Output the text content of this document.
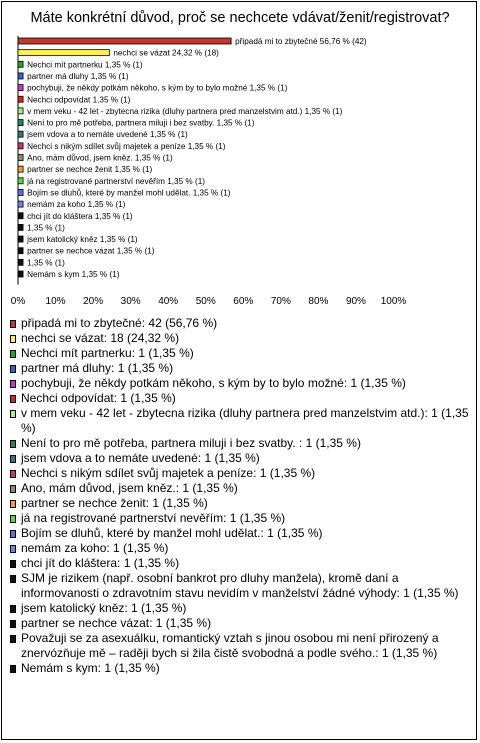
Máte konkrétní důvod, proč se nechcete vdávat/ženit/registrovat?
připadá mi to zbytečné 56,76 % (42)
nechci se vázat 24,32 % (18)
Nechci mít partnerku 1,35 % (1)
partner má dluhy 1,35 % (1)
pochybuji, že někdy potkám někoho, s kým by to bylo možné 1,35 % (1)
Nechci odpovídat 1,35 % (1)
v mem veku - 42 let - zbytecna rizika (dluhy partnera pred manzelstvim atd.) 1,35 % (1)
Není to pro mě potřeba, partnera miluji i bez svatby. 1,35 % (1)
jsem vdova a to nemáte uvedené 1,35 % (1)
Nechci s nikým sdílet svůj majetek a peníze 1,35 % (1)
Ano, mám důvod, jsem kněz. 1,35 % (1)
partner se nechce ženit 1,35 % (1)
já na registrované partnerství nevěřím 1,35 % (1)
Bojím se dluhů, které by manžel mohl udělat. 1,35 % (1)
nemám za koho 1,35 % (1)
chci jít do kláštera 1,35 % (1)
1,35 % (1)
jsem katolický kněz 1,35 % (1)
partner se nechce vázat 1,35 % (1)
1,35 % (1)
Nemám s kym 1,35 % (1)
0% 10% 20% 30% 40% 50% 60% 70% 80% 90% 100%
připadá mi to zbytečné: 42 (56,76 %)
nechci se vázat: 18 (24,32 %)
Nechci mít partnerku: 1 (1,35 %)
partner má dluhy: 1 (1,35 %)
pochybuji, že někdy potkám někoho, s kým by to bylo možné: 1 (1,35 %)
Nechci odpovídat: 1 (1,35 %)
v mem veku - 42 let - zbytecna rizika (dluhy partnera pred manzelstvim atd.): 1 (1,35 %)
Není to pro mě potřeba, partnera miluji i bez svatby. : 1 (1,35 %)
jsem vdova a to nemáte uvedené: 1 (1,35 %)
Nechci s nikým sdílet svůj majetek a peníze: 1 (1,35 %)
Ano, mám důvod, jsem kněz.: 1 (1,35 %)
partner se nechce ženit: 1 (1,35 %)
já na registrované partnerství nevěřím: 1 (1,35 %)
Bojím se dluhů, které by manžel mohl udělat.: 1 (1,35 %)
nemám za koho: 1 (1,35 %)
chci jít do kláštera: 1 (1,35 %)
SJM je rizikem (např. osobní bankrot pro dluhy manžela), kromě daní a informovanosti o zdravotním stavu nevidím v manželství žádné výhody: 1 (1,35 %)
jsem katolický kněz: 1 (1,35 %)
partner se nechce vázat: 1 (1,35 %)
Považuji se za asexuálku, romantický vztah s jinou osobou mi není přirozený a znervózňuje mě – raději bych si žila čistě svobodná a podle svého.: 1 (1,35 %)
Nemám s kym: 1 (1,35 %)
